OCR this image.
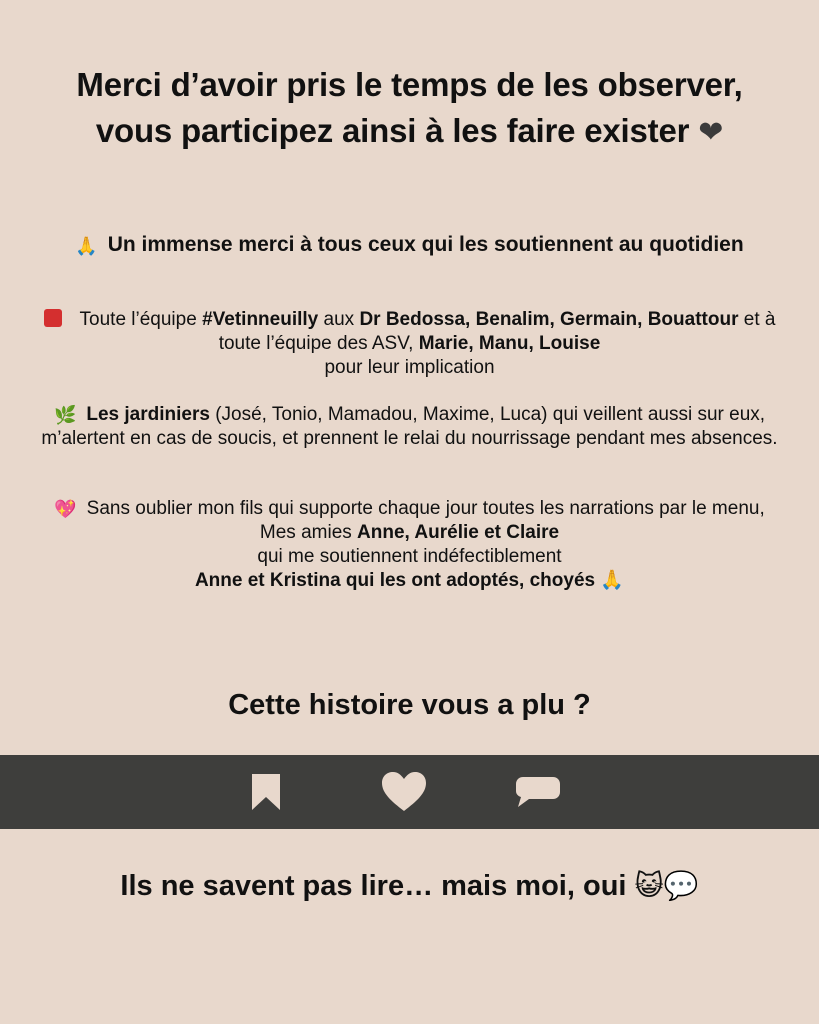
Merci d’avoir pris le temps de les observer, vous participez ainsi à les faire exister ❤
🙏 Un immense merci à tous ceux qui les soutiennent au quotidien
Toute l’équipe #Vetinneuilly aux Dr Bedossa, Benalim, Germain, Bouattour et à toute l’équipe des ASV, Marie, Manu, Louise
pour leur implication
🌿 Les jardiniers (José, Tonio, Mamadou, Maxime, Luca) qui veillent aussi sur eux, m’alertent en cas de soucis, et prennent le relai du nourrissage pendant mes absences.
💖 Sans oublier mon fils qui supporte chaque jour toutes les narrations par le menu,
Mes amies Anne, Aurélie et Claire
qui me soutiennent indéfectiblement
Anne et Kristina qui les ont adoptés, choyés 🙏
Cette histoire vous a plu ?
Ils ne savent pas lire… mais moi, oui 😺💬
